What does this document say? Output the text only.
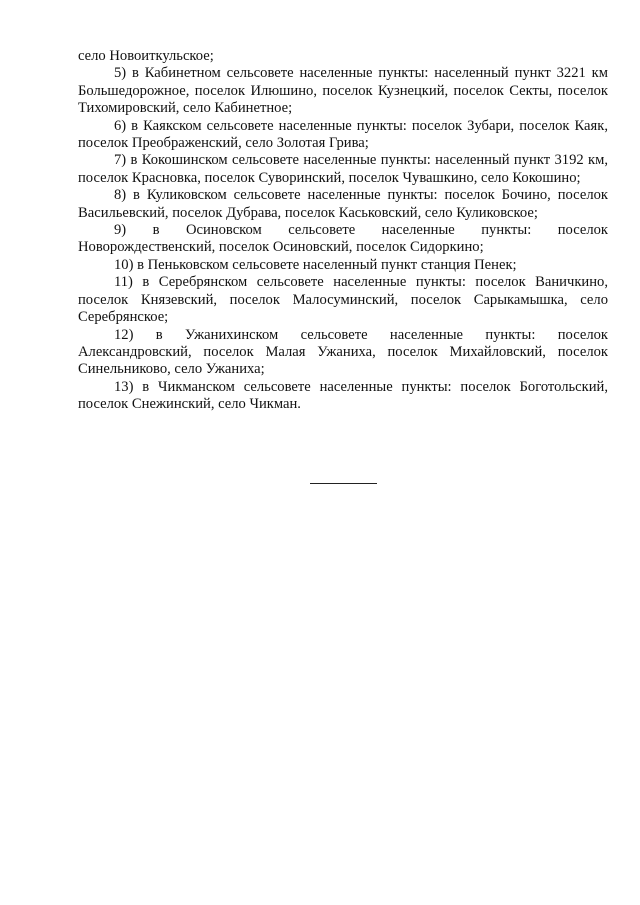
село Новоиткульское;

5) в Кабинетном сельсовете населенные пункты: населенный пункт 3221 км Большедорожное, поселок Илюшино, поселок Кузнецкий, поселок Секты, поселок Тихомировский, село Кабинетное;

6) в Каякском сельсовете населенные пункты: поселок Зубари, поселок Каяк, поселок Преображенский, село Золотая Грива;

7) в Кокошинском сельсовете населенные пункты: населенный пункт 3192 км, поселок Красновка, поселок Суворинский, поселок Чувашкино, село Кокошино;

8) в Куликовском сельсовете населенные пункты: поселок Бочино, поселок Васильевский, поселок Дубрава, поселок Каськовский, село Куликовское;

9) в Осиновском сельсовете населенные пункты: поселок Новорождественский, поселок Осиновский, поселок Сидоркино;

10) в Пеньковском сельсовете населенный пункт станция Пенек;

11) в Серебрянском сельсовете населенные пункты: поселок Ваничкино, поселок Князевский, поселок Малосуминский, поселок Сарыкамышка, село Серебрянское;

12) в Ужанихинском сельсовете населенные пункты: поселок Александровский, поселок Малая Ужаниха, поселок Михайловский, поселок Синельниково, село Ужаниха;

13) в Чикманском сельсовете населенные пункты: поселок Боготольский, поселок Снежинский, село Чикман.
